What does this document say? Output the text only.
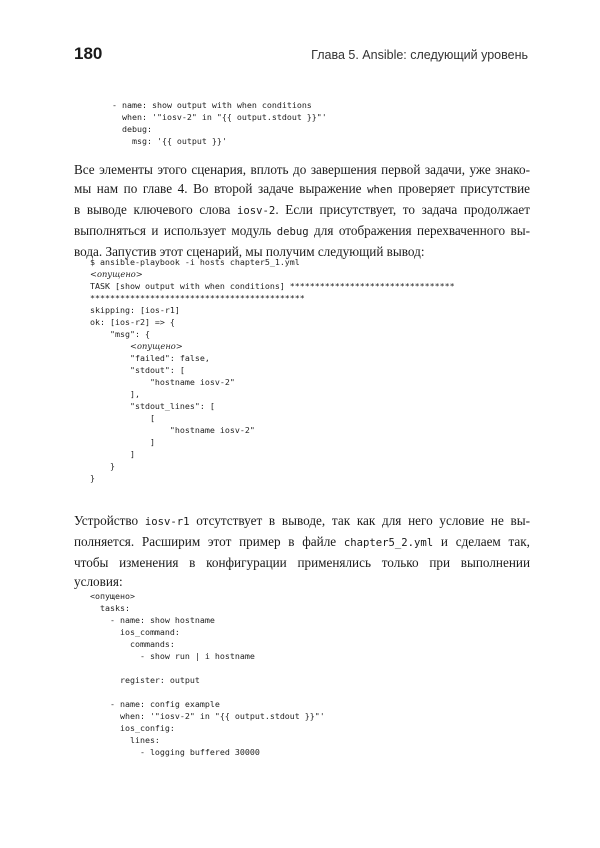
180	Глава 5. Ansible: следующий уровень
- name: show output with when conditions
when: '"iosv-2" in "{{ output.stdout }}"'
debug:
msg: '{{ output }}'
Все элементы этого сценария, вплоть до завершения первой задачи, уже знако-
мы нам по главе 4. Во второй задаче выражение when проверяет присутствие
в выводе ключевого слова iosv-2. Если присутствует, то задача продолжает
выполняться и использует модуль debug для отображения перехваченного вы-
вода. Запустив этот сценарий, мы получим следующий вывод:
$ ansible-playbook -i hosts chapter5_1.yml
<опущено>
TASK [show output with when conditions] *********************************
*******************************************
skipping: [ios-r1]
ok: [ios-r2] => {
"msg": {
<опущено>
"failed": false,
"stdout": [
"hostname iosv-2"
],
"stdout_lines": [
[
"hostname iosv-2"
]
]
}
}
Устройство iosv-r1 отсутствует в выводе, так как для него условие не вы-
полняется. Расширим этот пример в файле chapter5_2.yml и сделаем так,
чтобы изменения в конфигурации применялись только при выполнении
условия:
<опущено>
tasks:
- name: show hostname
ios_command:
commands:
- show run | i hostname
register: output
- name: config example
when: '"iosv-2" in "{{ output.stdout }}"'
ios_config:
lines:
- logging buffered 30000
